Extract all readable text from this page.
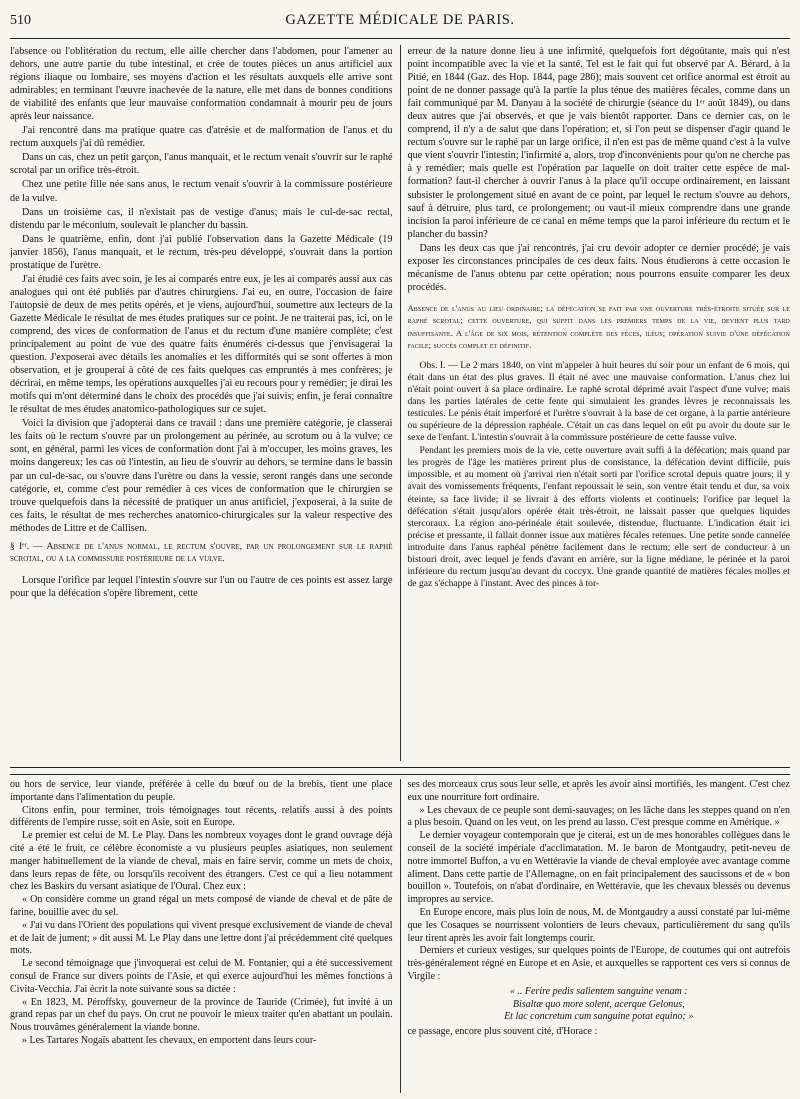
510	GAZETTE MÉDICALE DE PARIS.

l'absence ou l'oblitération du rectum, elle aille chercher dans l'abdomen, pour l'amener au dehors, une autre partie du tube intestinal, et crée de toutes pièces un anus artificiel aux régions iliaque ou lombaire, ses moyens d'action et les résultats auxquels elle arrive sont admirables; en terminant l'œuvre inachevée de la nature, elle met dans de bonnes conditions de viabilité des enfants que leur mauvaise conformation condamnait à mourir peu de jours après leur naissance.

J'ai rencontré dans ma pratique quatre cas d'atrésie et de malformation de l'anus et du rectum auxquels j'ai dû remédier.

Dans un cas, chez un petit garçon, l'anus manquait, et le rectum venait s'ouvrir sur le raphé scrotal par un orifice très-étroit.

Chez une petite fille née sans anus, le rectum venait s'ouvrir à la commissure postérieure de la vulve.

Dans un troisième cas, il n'existait pas de vestige d'anus; mais le cul-de-sac rectal, distendu par le méconium, soulevait le plancher du bassin.

Dans le quatrième, enfin, dont j'ai publié l'observation dans la Gazette Médicale (19 janvier 1856), l'anus manquait, et le rectum, très-peu développé, s'ouvrait dans la portion prostatique de l'urètre.

J'ai étudié ces faits avec soin, je les ai comparés entre eux, je les ai comparés aussi aux cas analogues qui ont été publiés par d'autres chirurgiens. J'ai eu, en outre, l'occasion de faire l'autopsie de deux de mes petits opérés, et je viens, aujourd'hui, soumettre aux lecteurs de la Gazette Médicale le résultat de mes études pratiques sur ce point. Je ne traiterai pas, ici, on le comprend, des vices de conformation de l'anus et du rectum d'une manière complète; c'est principalement au point de vue des quatre faits énumérés ci-dessus que j'envisagerai la question. J'exposerai avec détails les anomalies et les difformités qui se sont offertes à mon observation, et je grouperai à côté de ces faits quelques cas empruntés à mes confrères; je décrirai, en même temps, les opérations auxquelles j'ai eu recours pour y remédier; je dirai les motifs qui m'ont déterminé dans le choix des procédés que j'ai suivis; enfin, je ferai connaître le résultat de mes études anatomico-pathologiques sur ce sujet.

Voici la division que j'adopterai dans ce travail : dans une première catégorie, je classerai les faits où le rectum s'ouvre par un prolongement au périnée, au scrotum ou à la vulve; ce sont, en général, parmi les vices de conformation dont j'ai à m'occuper, les moins graves, les moins dangereux; les cas où l'intestin, au lieu de s'ouvrir au dehors, se termine dans le bassin par un cul-de-sac, ou s'ouvre dans l'urètre ou dans la vessie, seront rangés dans une seconde catégorie, et, comme c'est pour remédier à ces vices de conformation que le chirurgien se trouve quelquefois dans la nécessité de pratiquer un anus artificiel, j'exposerai, à la suite de ces faits, le résultat de mes recherches anatomico-chirurgicales sur la valeur respective des méthodes de Littre et de Callisen.

§ Iᵉʳ. — Absence de l'anus normal, le rectum s'ouvre, par un prolongement sur le raphé scrotal, ou a la commissure postérieure de la vulve.

Lorsque l'orifice par lequel l'intestin s'ouvre sur l'un ou l'autre de ces points est assez large pour que la défécation s'opère librement, cette

erreur de la nature donne lieu à une infirmité, quelquefois fort dégoûtante, mais qui n'est point incompatible avec la vie et la santé. Tel est le fait qui fut observé par A. Bérard, à la Pitié, en 1844 (Gaz. des Hop. 1844, page 286); mais souvent cet orifice anormal est étroit au point de ne donner passage qu'à la partie la plus ténue des matières fécales, comme dans un fait communiqué par M. Danyau à la société de chirurgie (séance du 1ᵉʳ août 1849), ou dans deux autres que j'ai observés, et que je vais bientôt rapporter. Dans ce dernier cas, on le comprend, il n'y a de salut que dans l'opération; et, si l'on peut se dispenser d'agir quand le rectum s'ouvre sur le raphé par un large orifice, il n'en est pas de même quand c'est à la vulve que vient s'ouvrir l'intestin; l'infirmité a, alors, trop d'inconvénients pour qu'on ne cherche pas à y remédier; mais quelle est l'opération par laquelle on doit traiter cette espèce de mal-formation? faut-il chercher à ouvrir l'anus à la place qu'il occupe ordinairement, en laissant subsister le prolongement situé en avant de ce point, par lequel le rectum s'ouvre au dehors, sauf à détruire, plus tard, ce prolongement; ou vaut-il mieux comprendre dans une grande incision la paroi inférieure de ce canal en même temps que la paroi inférieure du rectum et le plancher du bassin?

Dans les deux cas que j'ai rencontrés, j'ai cru devoir adopter ce dernier procédé; je vais exposer les circonstances principales de ces deux faits. Nous étudierons à cette occasion le mécanisme de l'anus obtenu par cette opération; nous pourrons ensuite comparer les deux procédés.

Absence de l'anus au lieu ordinaire; la défécation se fait par une ouverture très-étroite située sur le raphé scrotal; cette ouverture, qui suffit dans les premiers temps de la vie, devient plus tard insuffisante. A l'âge de six mois, rétention complète des fèces, iléus; opération suivie d'une défécation facile; succès complet et définitif.

Obs. I. — Le 2 mars 1840, on vint m'appeler à huit heures du soir pour un enfant de 6 mois, qui était dans un état des plus graves. Il était né avec une mauvaise conformation. L'anus chez lui n'était point ouvert à sa place ordinaire. Le raphé scrotal déprimé avait l'aspect d'une vulve; mais dans les parties latérales de cette fente qui simulaient les grandes lèvres je reconnaissais les testicules. Le pénis était imperforé et l'urètre s'ouvrait à la base de cet organe, à la partie antérieure ou supérieure de la dépression raphéale. C'était un cas dans lequel on eût pu avoir du doute sur le sexe de l'enfant. L'intestin s'ouvrait à la commissure postérieure de cette fausse vulve.

Pendant les premiers mois de la vie, cette ouverture avait suffi à la défécation; mais quand par les progrès de l'âge les matières prirent plus de consistance, la défécation devint difficile, puis impossible, et au moment où j'arrivai rien n'était sorti par l'orifice scrotal depuis quatre jours; il y avait des vomissements fréquents, l'enfant repoussait le sein, son ventre était tendu et dur, sa voix éteinte, sa face livide; il se livrait à des efforts violents et continuels; l'orifice par lequel la défécation s'était jusqu'alors opérée était très-étroit, ne laissait passer que quelques liquides stercoraux. La région ano-périnéale était soulevée, distendue, fluctuante. L'indication était ici précise et pressante, il fallait donner issue aux matières fécales retenues. Une petite sonde cannelée introduite dans l'anus raphéal pénètre facilement dans le rectum; elle sert de conducteur à un bistouri droit, avec lequel je fends d'avant en arrière, sur la ligne médiane, le périnée et la paroi inférieure du rectum jusqu'au devant du coccyx. Une grande quantité de matières fécales molles et de gaz s'échappe à l'instant. Avec des pinces à tor-

ou hors de service, leur viande, préférée à celle du bœuf ou de la brebis, tient une place importante dans l'alimentation du peuple.

Citons enfin, pour terminer, trois témoignages tout récents, relatifs aussi à des points différents de l'empire russe, soit en Asie, soit en Europe.

Le premier est celui de M. Le Play. Dans les nombreux voyages dont le grand ouvrage déjà cité a été le fruit, ce célèbre économiste a vu plusieurs peuples asiatiques, non seulement manger habituellement de la viande de cheval, mais en faire servir, comme un mets de choix, dans leurs repas de fête, ou lorsqu'ils recoivent des étrangers. C'est ce qui a lieu notamment chez les Baskirs du versant asiatique de l'Oural. Chez eux :

« On considère comme un grand régal un mets composé de viande de cheval et de pâte de farine, bouillie avec du sel.

« J'ai vu dans l'Orient des populations qui vivent presque exclusivement de viande de cheval et de lait de jument; » dit aussi M. Le Play dans une lettre dont j'ai précédemment cité quelques mots.

Le second témoignage que j'invoquerai est celui de M. Fontanier, qui a été successivement consul de France sur divers points de l'Asie, et qui exerce aujourd'hui les mêmes fonctions à Civita-Vecchia. J'ai écrit la note suivante sous sa dictée :

« En 1823, M. Péroffsky, gouverneur de la province de Tauride (Crimée), fut invité à un grand repas par un chef du pays. On crut ne pouvoir le mieux traiter qu'en abattant un poulain. Nous trouvâmes généralement la viande bonne.

» Les Tartares Nogaïs abattent les chevaux, en emportent dans leurs cour-

ses des morceaux crus sous leur selle, et après les avoir ainsi mortifiés, les mangent. C'est chez eux une nourriture fort ordinaire.

» Les chevaux de ce peuple sont demi-sauvages; on les lâche dans les steppes quand on n'en a plus besoin. Quand on les veut, on les prend au lasso. C'est presque comme en Amérique. »

Le dernier voyageur contemporain que je citerai, est un de mes honorables collègues dans le conseil de la société impériale d'acclimatation. M. le baron de Montgaudry, petit-neveu de notre immortel Buffon, a vu en Wettéravie la viande de cheval employée avec avantage comme aliment. Dans cette partie de l'Allemagne, on en fait principalement des saucissons et de « bon bouillon ». Toutefois, on n'abat d'ordinaire, en Wettéravie, que les chevaux blessés ou devenus impropres au service.

En Europe encore, mais plus loin de nous, M. de Montgaudry a aussi constaté par lui-même que les Cosaques se nourrissent volontiers de leurs chevaux, particulièrement du sang qu'ils leur tirent après les avoir fait longtemps courir.

Derniers et curieux vestiges, sur quelques points de l'Europe, de coutumes qui ont autrefois très-généralement régné en Europe et en Asie, et auxquelles se rapportent ces vers si connus de Virgile :

« .. Ferire pedis salientem sanguine venam :
Bisaltæ quo more solent, acerque Gelonus,
Et lac concretum cum sanguine potat equino; »

ce passage, encore plus souvent cité, d'Horace :
